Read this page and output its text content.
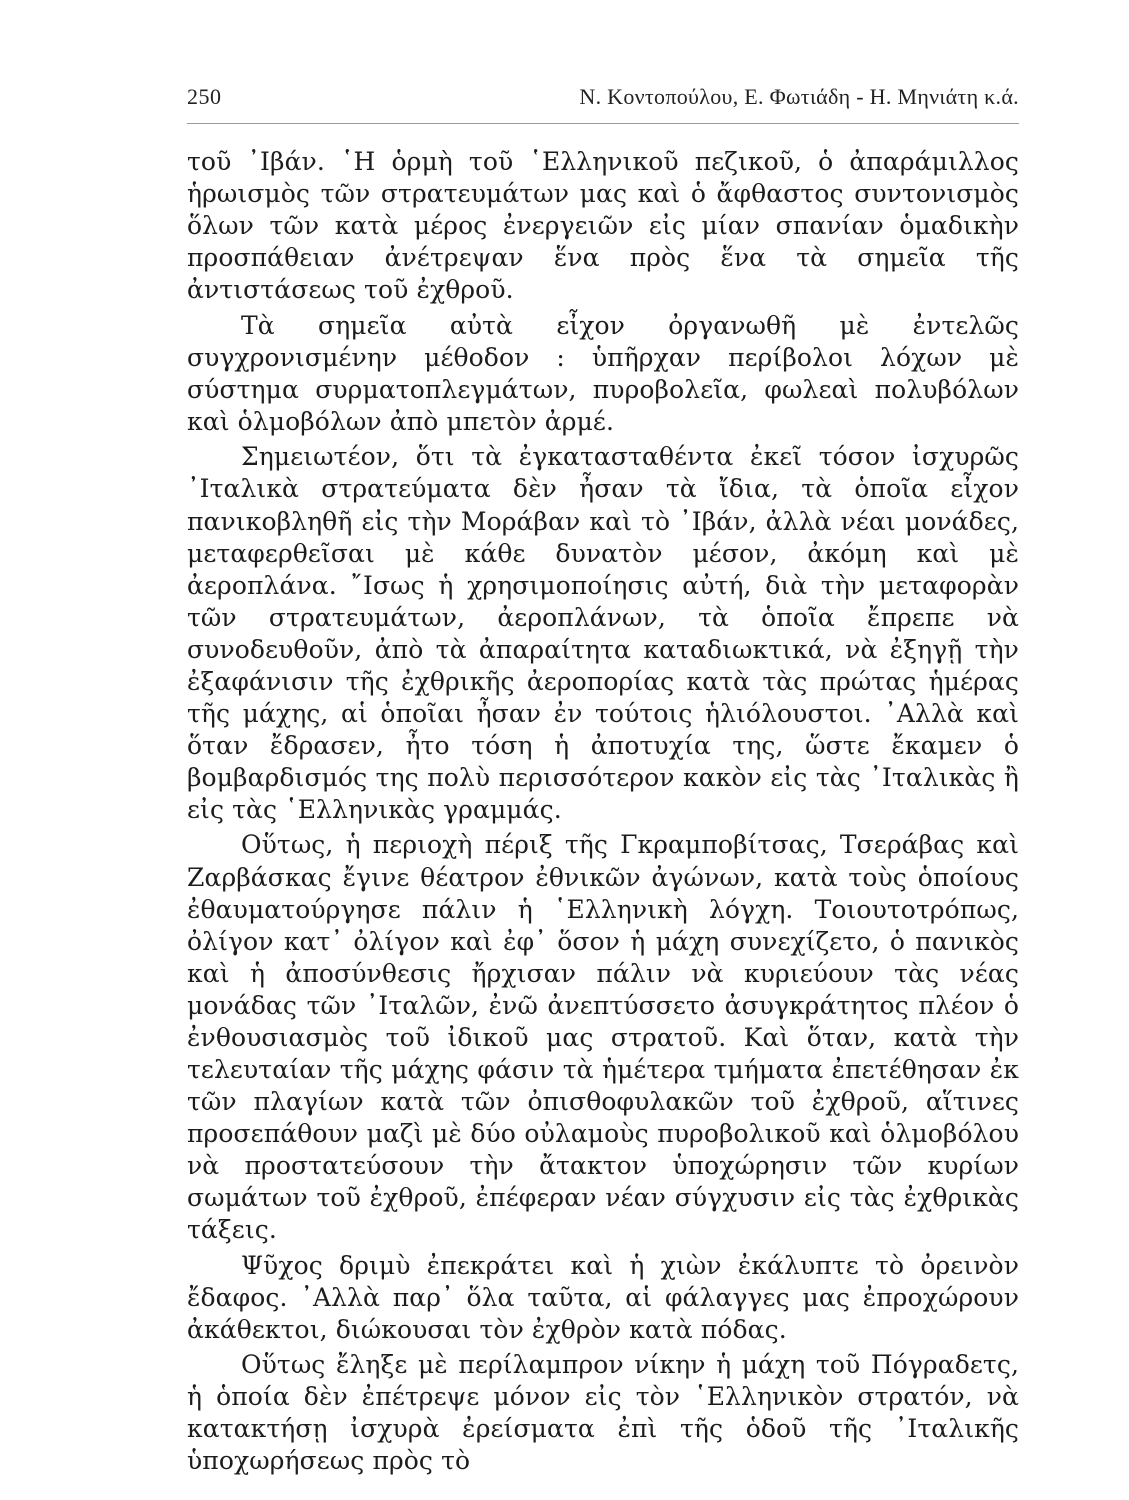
250	Ν. Κοντοπούλου, Ε. Φωτιάδη - Η. Μηνιάτη κ.ά.

τοῦ ᾿Ιβάν. ῾Η ὁρμὴ τοῦ ῾Ελληνικοῦ πεζικοῦ, ὁ ἀπαράμιλλος ἡρωισμὸς τῶν στρατευμάτων μας καὶ ὁ ἄφθαστος συντονισμὸς ὅλων τῶν κατὰ μέρος ἐνεργειῶν εἰς μίαν σπανίαν ὁμαδικὴν προσπάθειαν ἀνέτρεψαν ἕνα πρὸς ἕνα τὰ σημεῖα τῆς ἀντιστάσεως τοῦ ἐχθροῦ.

Τὰ σημεῖα αὐτὰ εἶχον ὀργανωθῆ μὲ ἐντελῶς συγχρονισμένην μέθοδον : ὑπῆρχαν περίβολοι λόχων μὲ σύστημα συρματοπλεγμάτων, πυροβολεῖα, φωλεαὶ πολυβόλων καὶ ὁλμοβόλων ἀπὸ μπετὸν ἀρμέ.

Σημειωτέον, ὅτι τὰ ἐγκατασταθέντα ἐκεῖ τόσον ἰσχυρῶς ᾿Ιταλικὰ στρατεύματα δὲν ἦσαν τὰ ἴδια, τὰ ὁποῖα εἶχον πανικοβληθῆ εἰς τὴν Μοράβαν καὶ τὸ ᾿Ιβάν, ἀλλὰ νέαι μονάδες, μεταφερθεῖσαι μὲ κάθε δυνατὸν μέσον, ἀκόμη καὶ μὲ ἀεροπλάνα. ῎Ισως ἡ χρησιμοποίησις αὐτή, διὰ τὴν μεταφορὰν τῶν στρατευμάτων, ἀεροπλάνων, τὰ ὁποῖα ἔπρεπε νὰ συνοδευθοῦν, ἀπὸ τὰ ἀπαραίτητα καταδιωκτικά, νὰ ἐξηγῇ τὴν ἐξαφάνισιν τῆς ἐχθρικῆς ἀεροπορίας κατὰ τὰς πρώτας ἡμέρας τῆς μάχης, αἱ ὁποῖαι ἦσαν ἐν τούτοις ἡλιόλουστοι. ᾿Αλλὰ καὶ ὅταν ἔδρασεν, ἦτο τόση ἡ ἀποτυχία της, ὥστε ἔκαμεν ὁ βομβαρδισμός της πολὺ περισσότερον κακὸν εἰς τὰς ᾿Ιταλικὰς ἢ εἰς τὰς ῾Ελληνικὰς γραμμάς.

Οὕτως, ἡ περιοχὴ πέριξ τῆς Γκραμποβίτσας, Τσεράβας καὶ Ζαρβάσκας ἔγινε θέατρον ἐθνικῶν ἀγώνων, κατὰ τοὺς ὁποίους ἐθαυματούργησε πάλιν ἡ ῾Ελληνικὴ λόγχη. Τοιουτοτρόπως, ὀλίγον κατ᾿ ὀλίγον καὶ ἐφ᾿ ὅσον ἡ μάχη συνεχίζετο, ὁ πανικὸς καὶ ἡ ἀποσύνθεσις ἤρχισαν πάλιν νὰ κυριεύουν τὰς νέας μονάδας τῶν ᾿Ιταλῶν, ἐνῶ ἀνεπτύσσετο ἀσυγκράτητος πλέον ὁ ἐνθουσιασμὸς τοῦ ἰδικοῦ μας στρατοῦ. Καὶ ὅταν, κατὰ τὴν τελευταίαν τῆς μάχης φάσιν τὰ ἡμέτερα τμήματα ἐπετέθησαν ἐκ τῶν πλαγίων κατὰ τῶν ὀπισθοφυλακῶν τοῦ ἐχθροῦ, αἵτινες προσεπάθουν μαζὶ μὲ δύο οὐλαμοὺς πυροβολικοῦ καὶ ὁλμοβόλου νὰ προστατεύσουν τὴν ἄτακτον ὑποχώρησιν τῶν κυρίων σωμάτων τοῦ ἐχθροῦ, ἐπέφεραν νέαν σύγχυσιν εἰς τὰς ἐχθρικὰς τάξεις.

Ψῦχος δριμὺ ἐπεκράτει καὶ ἡ χιὼν ἐκάλυπτε τὸ ὀρεινὸν ἔδαφος. ᾿Αλλὰ παρ᾿ ὅλα ταῦτα, αἱ φάλαγγες μας ἐπροχώρουν ἀκάθεκτοι, διώκουσαι τὸν ἐχθρὸν κατὰ πόδας.

Οὕτως ἔληξε μὲ περίλαμπρον νίκην ἡ μάχη τοῦ Πόγραδετς, ἡ ὁποία δὲν ἐπέτρεψε μόνον εἰς τὸν ῾Ελληνικὸν στρατόν, νὰ κατακτήσῃ ἰσχυρὰ ἐρείσματα ἐπὶ τῆς ὁδοῦ τῆς ᾿Ιταλικῆς ὑποχωρήσεως πρὸς τὸ
